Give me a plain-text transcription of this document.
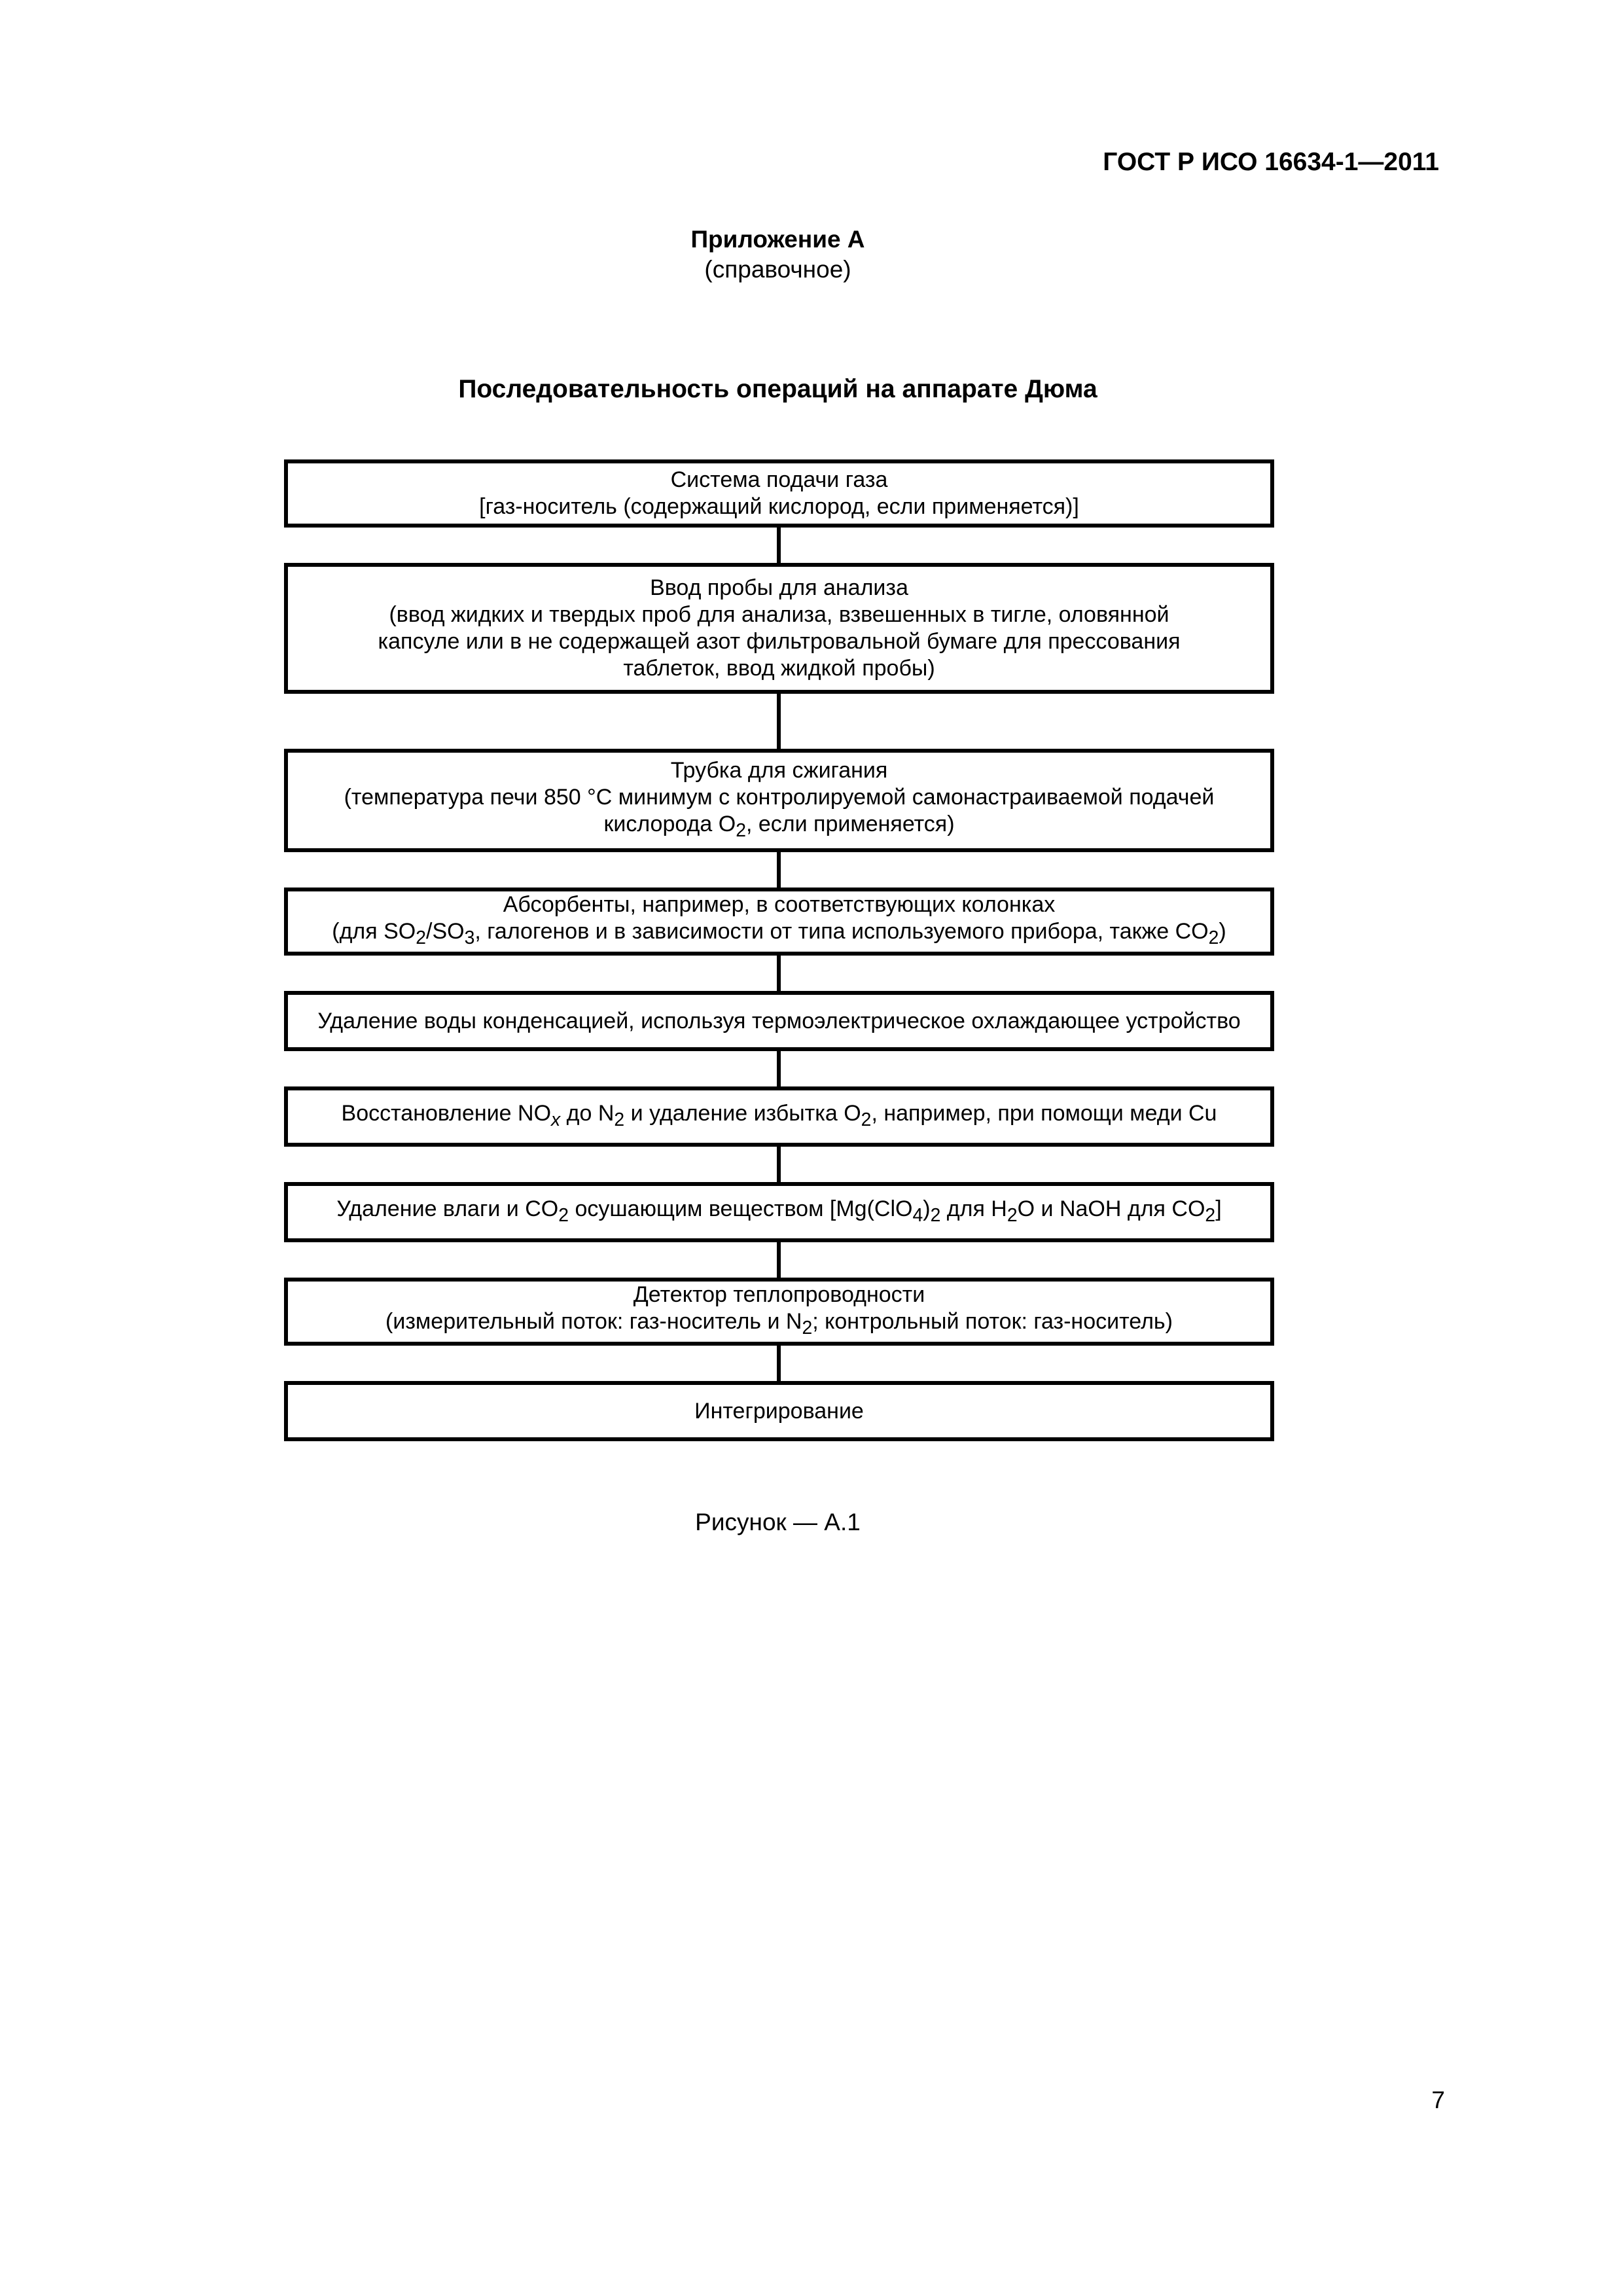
ГОСТ Р ИСО 16634-1—2011
Приложение А
(справочное)
Последовательность операций на аппарате Дюма
Система подачи газа
[газ-носитель (содержащий кислород, если применяется)]
Ввод пробы для анализа
(ввод жидких и твердых проб для анализа, взвешенных в тигле, оловянной
капсуле или в не содержащей азот фильтровальной бумаге для прессования
таблеток, ввод жидкой пробы)
Трубка для сжигания
(температура печи 850 °С минимум с контролируемой самонастраиваемой подачей
кислорода $O_2$, если применяется)
Абсорбенты, например, в соответствующих колонках
(для $SO_2/SO_3$, галогенов и в зависимости от типа используемого прибора, также $CO_2$)
Удаление воды конденсацией, используя термоэлектрическое охлаждающее устройство
Восстановление $NO_x$ до $N_2$ и удаление избытка $O_2$, например, при помощи меди Cu
Удаление влаги и $CO_2$ осушающим веществом [$Mg(ClO_4)_2$ для $H_2O$ и NaOH для $CO_2$]
Детектор теплопроводности
(измерительный поток: газ-носитель и $N_2$; контрольный поток: газ-носитель)
Интегрирование
Рисунок — А.1
7
